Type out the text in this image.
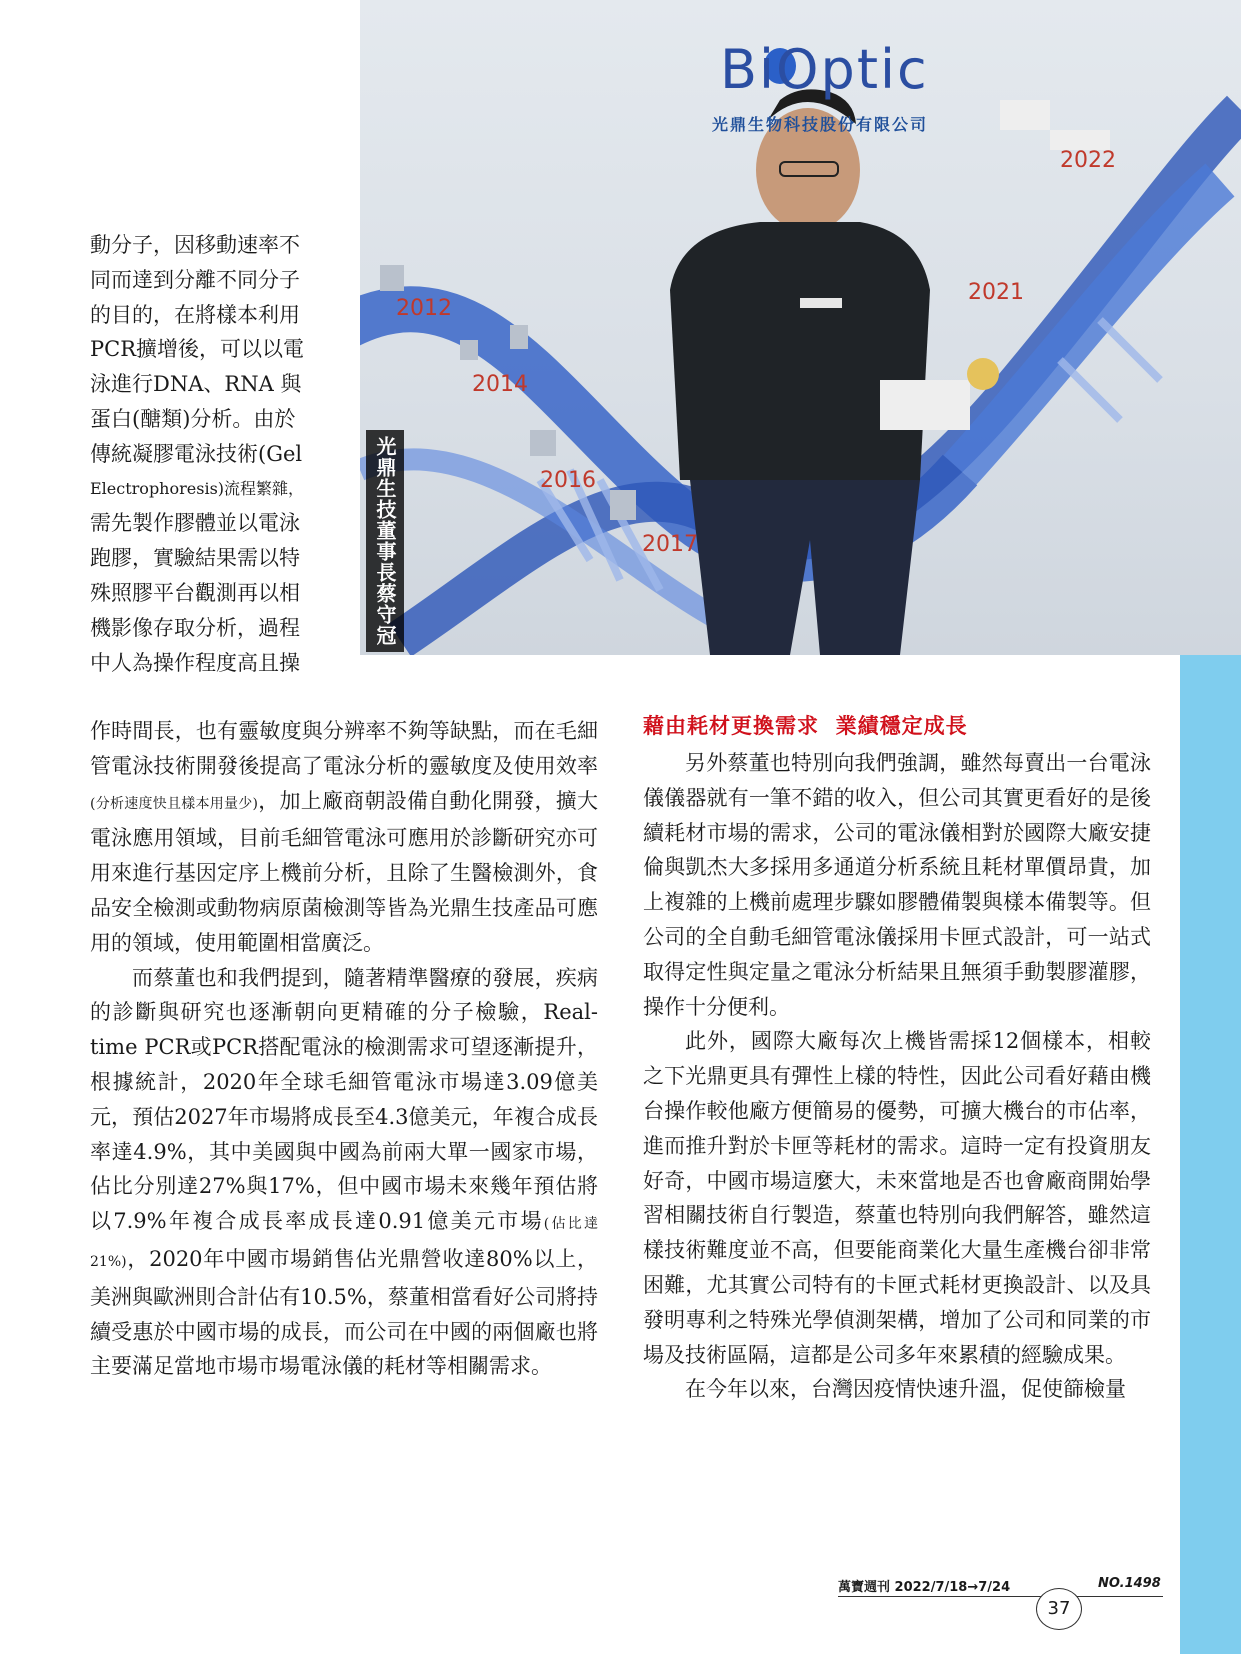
BiOptic
光鼎生物科技股份有限公司
2012
2014
2016
2017
2021
2022
光鼎生技董事長蔡守冠
動分子，因移動速率不
同而達到分離不同分子
的目的，在將樣本利用
PCR擴增後，可以以電
泳進行DNA、RNA 與
蛋白(醣類)分析。由於
傳統凝膠電泳技術(Gel
Electrophoresis)流程繁雜，
需先製作膠體並以電泳
跑膠，實驗結果需以特
殊照膠平台觀測再以相
機影像存取分析，過程
中人為操作程度高且操

作時間長，也有靈敏度與分辨率不夠等缺點，而在毛細管電泳技術開發後提高了電泳分析的靈敏度及使用效率(分析速度快且樣本用量少)，加上廠商朝設備自動化開發，擴大電泳應用領域，目前毛細管電泳可應用於診斷研究亦可用來進行基因定序上機前分析，且除了生醫檢測外，食品安全檢測或動物病原菌檢測等皆為光鼎生技產品可應用的領域，使用範圍相當廣泛。

而蔡董也和我們提到，隨著精準醫療的發展，疾病的診斷與研究也逐漸朝向更精確的分子檢驗，Real-time PCR或PCR搭配電泳的檢測需求可望逐漸提升，根據統計，2020年全球毛細管電泳市場達3.09億美元，預估2027年市場將成長至4.3億美元，年複合成長率達4.9%，其中美國與中國為前兩大單一國家市場，佔比分別達27%與17%，但中國市場未來幾年預估將以7.9%年複合成長率成長達0.91億美元市場(佔比達21%)，2020年中國市場銷售佔光鼎營收達80%以上，美洲與歐洲則合計佔有10.5%，蔡董相當看好公司將持續受惠於中國市場的成長，而公司在中國的兩個廠也將主要滿足當地市場市場電泳儀的耗材等相關需求。

藉由耗材更換需求  業績穩定成長

另外蔡董也特別向我們強調，雖然每賣出一台電泳儀儀器就有一筆不錯的收入，但公司其實更看好的是後續耗材市場的需求，公司的電泳儀相對於國際大廠安捷倫與凱杰大多採用多通道分析系統且耗材單價昂貴，加上複雜的上機前處理步驟如膠體備製與樣本備製等。但公司的全自動毛細管電泳儀採用卡匣式設計，可一站式取得定性與定量之電泳分析結果且無須手動製膠灌膠，操作十分便利。

此外，國際大廠每次上機皆需採12個樣本，相較之下光鼎更具有彈性上樣的特性，因此公司看好藉由機台操作較他廠方便簡易的優勢，可擴大機台的市佔率，進而推升對於卡匣等耗材的需求。這時一定有投資朋友好奇，中國市場這麼大，未來當地是否也會廠商開始學習相關技術自行製造，蔡董也特別向我們解答，雖然這樣技術難度並不高，但要能商業化大量生產機台卻非常困難，尤其實公司特有的卡匣式耗材更換設計、以及具發明專利之特殊光學偵測架構，增加了公司和同業的市場及技術區隔，這都是公司多年來累積的經驗成果。

在今年以來，台灣因疫情快速升溫，促使篩檢量

萬寶週刊 2022/7/18→7/24	NO.1498
37
